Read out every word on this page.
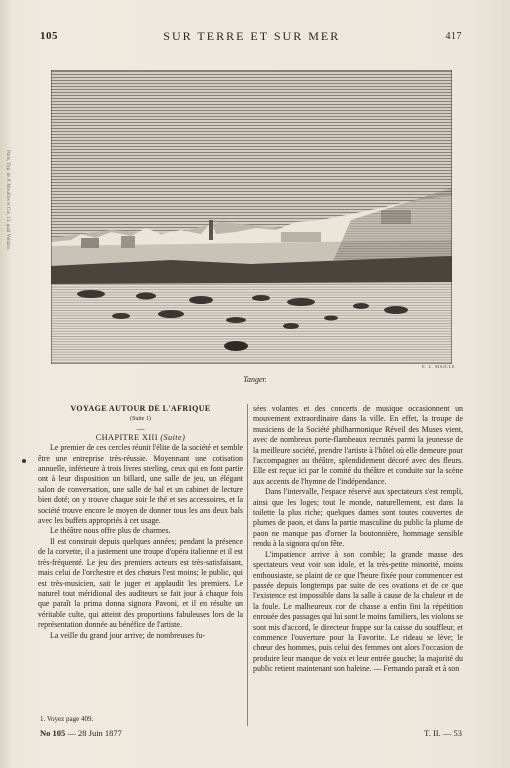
Paris, Typ. de P. Mouillot et Cie, 13, quai Voltaire.
105	SUR TERRE ET SUR MER	417
E. L. MAILLE
Tanger.

VOYAGE AUTOUR DE L'AFRIQUE

(Suite 1)

—

CHAPITRE XIII (Suite)

Le premier de ces cercles réunit l'élite de la société et semble être une entreprise très-réussie. Moyennant une cotisation annuelle, inférieure à trois livres sterling, ceux qui en font partie ont à leur disposition un billard, une salle de jeu, un élégant salon de conversation, une salle de bal et un cabinet de lecture bien doté; on y trouve chaque soir le thé et ses accessoires, et la société trouve encore le moyen de donner tous les ans deux bals avec les buffets appropriés à cet usage.

Le théâtre nous offre plus de charmes.

Il est construit depuis quelques années; pendant la présence de la corvette, il a justement une troupe d'opéra italienne et il est très-fréquenté. Le jeu des premiers acteurs est très-satisfaisant, mais celui de l'orchestre et des chœurs l'est moins; le public, qui est très-musicien, sait le juger et applaudit les premiers. Le naturel tout méridional des auditeurs se fait jour à chaque fois que paraît la prima donna signora Pavoni, et il en résulte un véritable culte, qui atteint des proportions fabuleuses lors de la représentation donnée au bénéfice de l'artiste.

La veille du grand jour arrive; de nombreuses fu-

sées volantes et des concerts de musique occasionnent un mouvement extraordinaire dans la ville. En effet, la troupe de musiciens de la Société philharmonique Réveil des Muses vient, avec de nombreux porte-flambeaux recrutés parmi la jeunesse de la meilleure société, prendre l'artiste à l'hôtel où elle demeure pour l'accompagner au théâtre, splendidement décoré avec des fleurs. Elle est reçue ici par le comité du théâtre et conduite sur la scène aux accents de l'hymne de l'indépendance.

Dans l'intervalle, l'espace réservé aux spectateurs s'est rempli, ainsi que les loges; tout le monde, naturellement, est dans la toilette la plus riche; quelques dames sont toutes couvertes de plumes de paon, et dans la partie masculine du public la plume de paon ne manque pas d'orner la boutonnière, hommage sensible rendu à la signora qu'on fête.

L'impatience arrive à son comble; la grande masse des spectateurs veut voir son idole, et la très-petite minorité, moins enthousiaste, se plaint de ce que l'heure fixée pour commencer est passée depuis longtemps par suite de ces ovations et de ce que l'existence est impossible dans la salle à cause de la chaleur et de la foule. Le malheureux cor de chasse a enfin fini la répétition enrouée des passages qui lui sont le moins familiers, les violons se sont mis d'accord, le directeur frappe sur la caisse du souffleur, et commence l'ouverture pour la Favorite. Le rideau se lève; le chœur des hommes, puis celui des femmes ont alors l'occasion de produire leur manque de voix et leur entrée gauche; la majorité du public retient maintenant son haleine. — Fernando paraît et à son

1. Voyez page 409.
No 105 — 28 Juin 1877	T. II. — 53
